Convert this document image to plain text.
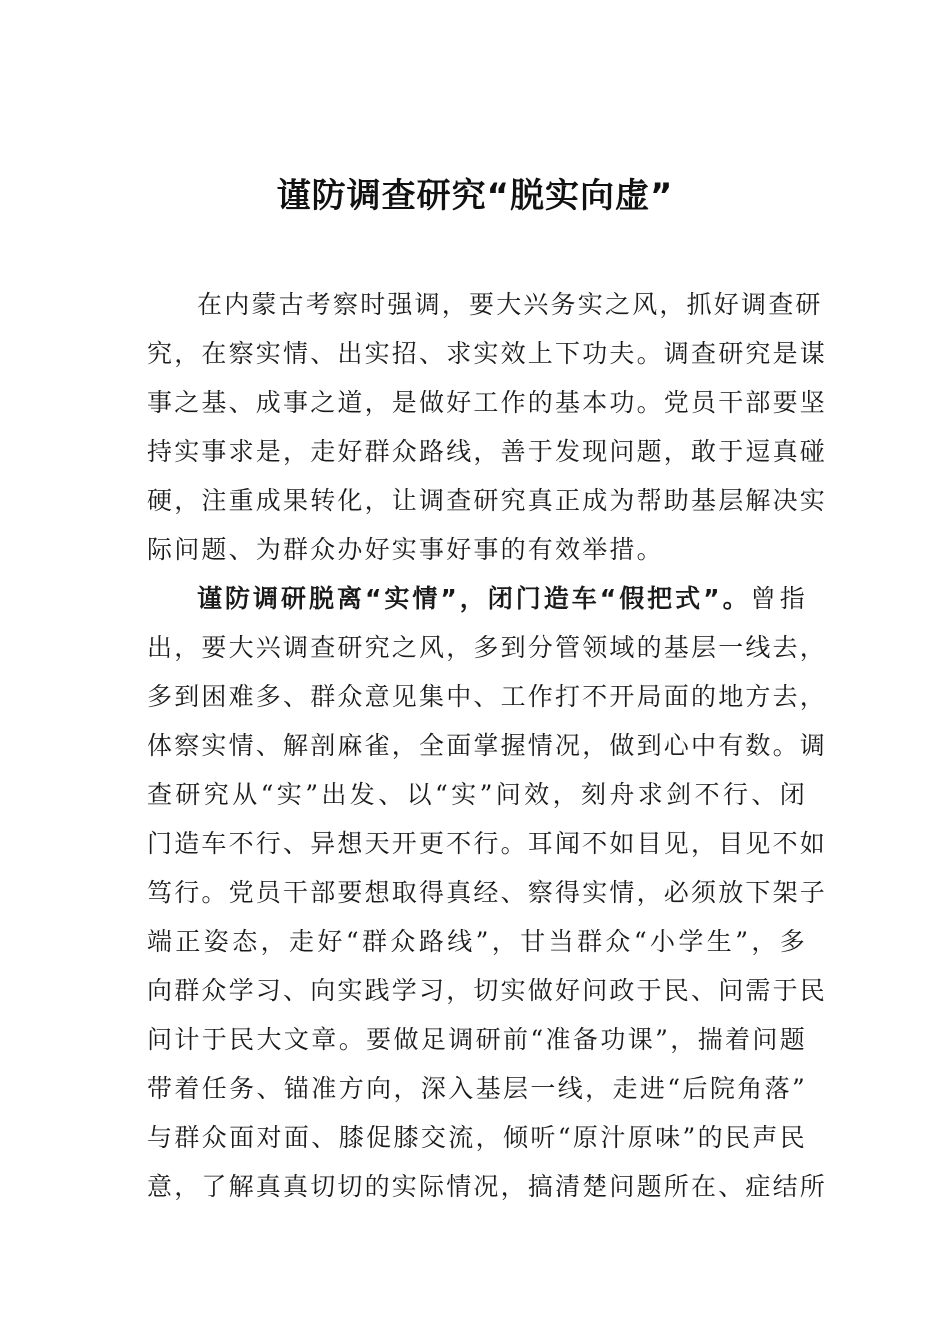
谨防调查研究“脱实向虚”
在内蒙古考察时强调，要大兴务实之风，抓好调查研
究，在察实情、出实招、求实效上下功夫。调查研究是谋
事之基、成事之道，是做好工作的基本功。党员干部要坚
持实事求是，走好群众路线，善于发现问题，敢于逗真碰
硬，注重成果转化，让调查研究真正成为帮助基层解决实
际问题、为群众办好实事好事的有效举措。
谨防调研脱离“实情”，闭门造车“假把式”。曾指
出，要大兴调查研究之风，多到分管领域的基层一线去，
多到困难多、群众意见集中、工作打不开局面的地方去，
体察实情、解剖麻雀，全面掌握情况，做到心中有数。调
查研究从“实”出发、以“实”问效，刻舟求剑不行、闭
门造车不行、异想天开更不行。耳闻不如目见，目见不如
笃行。党员干部要想取得真经、察得实情，必须放下架子
端正姿态，走好“群众路线”，甘当群众“小学生”，多
向群众学习、向实践学习，切实做好问政于民、问需于民
问计于民大文章。要做足调研前“准备功课”，揣着问题
带着任务、锚准方向，深入基层一线，走进“后院角落”
与群众面对面、膝促膝交流，倾听“原汁原味”的民声民
意，了解真真切切的实际情况，搞清楚问题所在、症结所
